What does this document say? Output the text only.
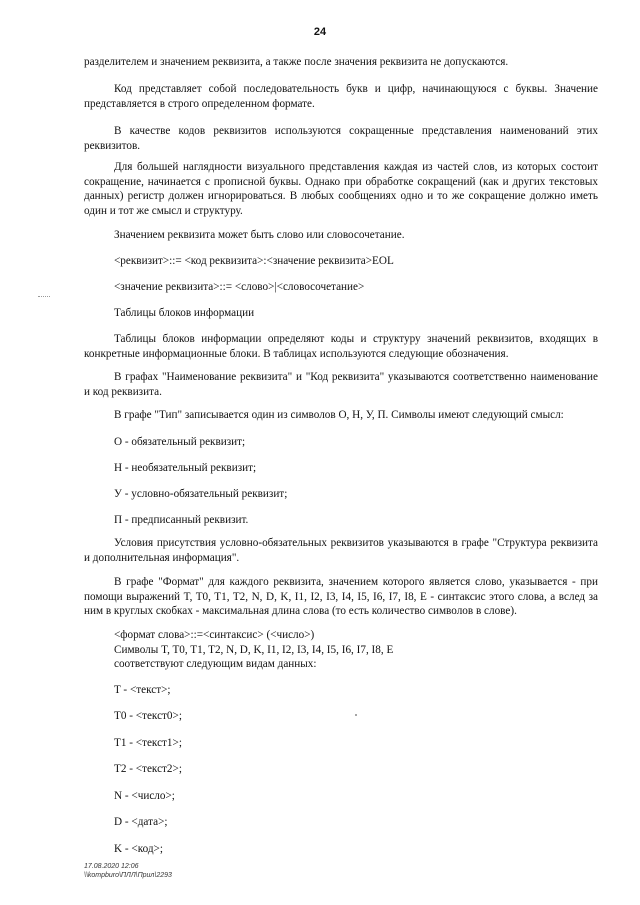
24

разделителем и значением реквизита, а также после значения реквизита не допускаются.

Код представляет собой последовательность букв и цифр, начинающуюся с буквы. Значение представляется в строго определенном формате.

В качестве кодов реквизитов используются сокращенные представления наименований этих реквизитов.

Для большей наглядности визуального представления каждая из частей слов, из которых состоит сокращение, начинается с прописной буквы. Однако при обработке сокращений (как и других текстовых данных) регистр должен игнорироваться. В любых сообщениях одно и то же сокращение должно иметь один и тот же смысл и структуру.

Значением реквизита может быть слово или словосочетание.

<реквизит>::= <код реквизита>:<значение реквизита>EOL

<значение реквизита>::= <слово>|<словосочетание>

Таблицы блоков информации

Таблицы блоков информации определяют коды и структуру значений реквизитов, входящих в конкретные информационные блоки. В таблицах используются следующие обозначения.

В графах "Наименование реквизита" и "Код реквизита" указываются соответственно наименование и код реквизита.

В графе "Тип" записывается один из символов О, Н, У, П. Символы имеют следующий смысл:

О - обязательный реквизит;

Н - необязательный реквизит;

У - условно-обязательный реквизит;

П - предписанный реквизит.

Условия присутствия условно-обязательных реквизитов указываются в графе "Структура реквизита и дополнительная информация".

В графе "Формат" для каждого реквизита, значением которого является слово, указывается - при помощи выражений T, T0, T1, T2, N, D, K, I1, I2, I3, I4, I5, I6, I7, I8, E - синтаксис этого слова, а вслед за ним в круглых скобках - максимальная длина слова (то есть количество символов в слове).

<формат слова>::=<синтаксис> (<число>)
Символы T, T0, T1, T2, N, D, K, I1, I2, I3, I4, I5, I6, I7, I8, E
соответствуют следующим видам данных:

T - <текст>;

T0 - <текст0>;

T1 - <текст1>;

T2 - <текст2>;

N - <число>;

D - <дата>;

K - <код>;

17.08.2020 12:06
\\kompburo\ПЛЛ\Прил\2293
